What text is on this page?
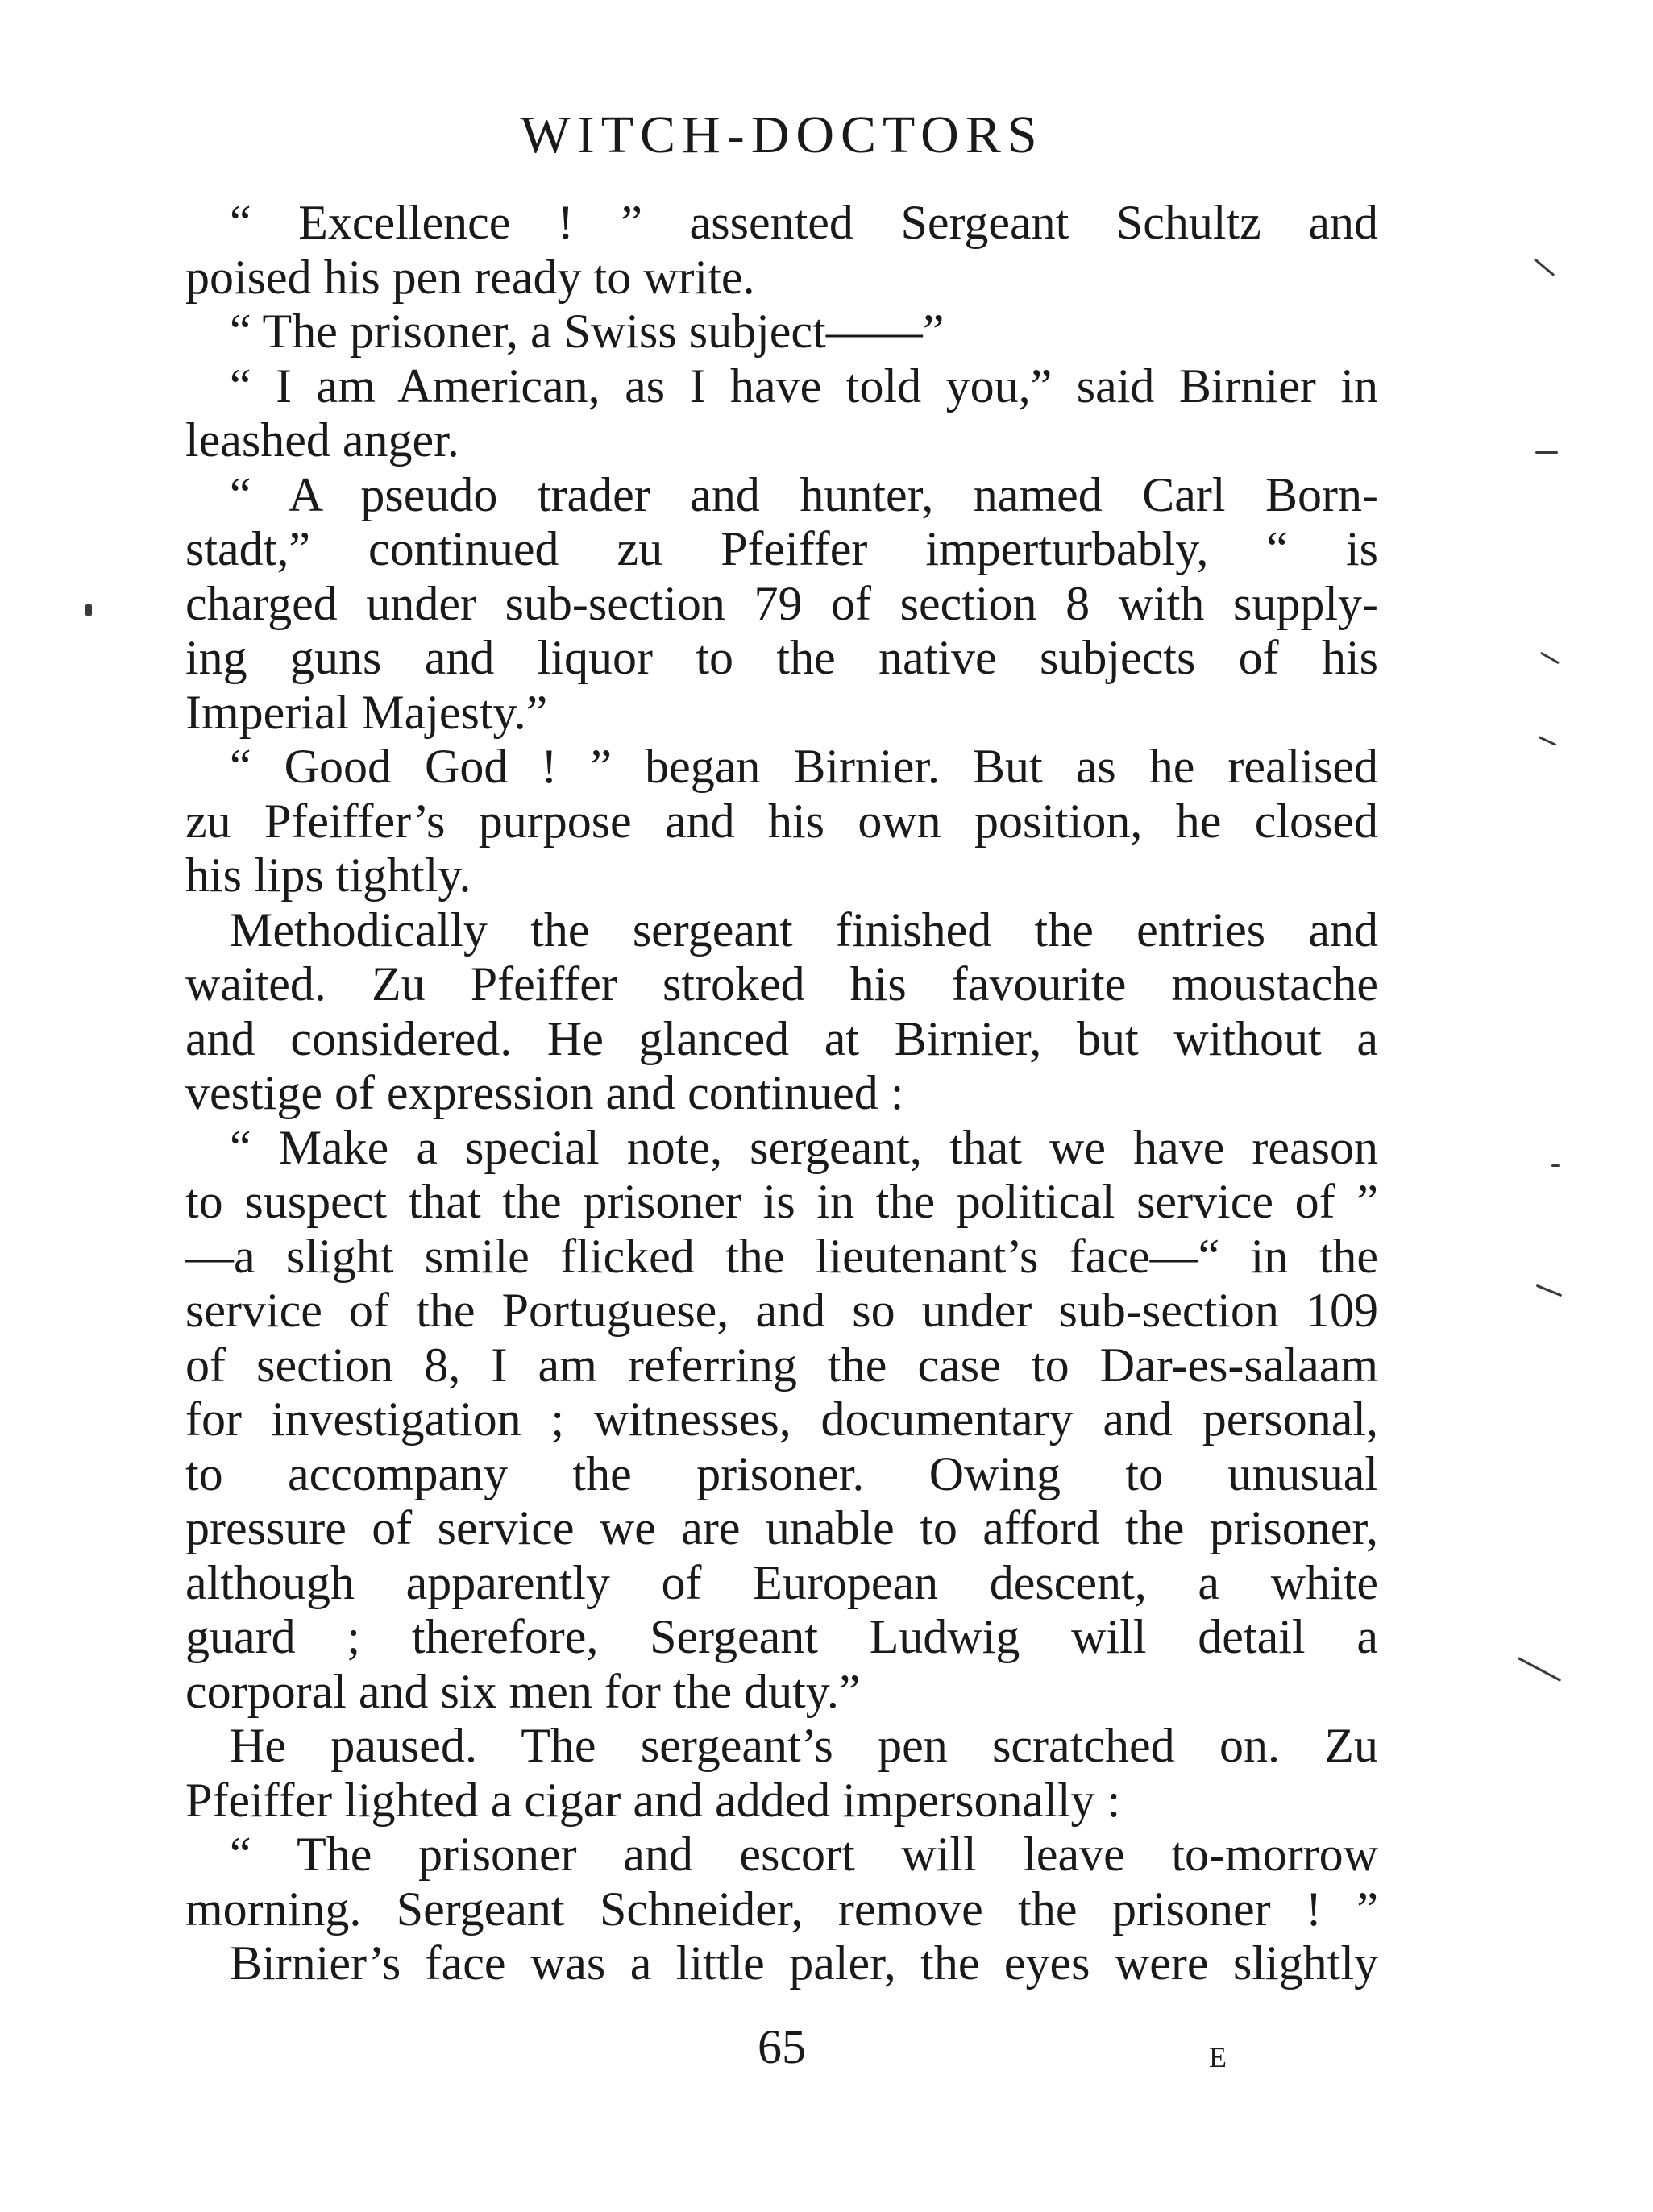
WITCH-DOCTORS
“ Excellence ! ” assented Sergeant Schultz and
poised his pen ready to write.
“ The prisoner, a Swiss subject——”
“ I am American, as I have told you,” said Birnier in
leashed anger.
“ A pseudo trader and hunter, named Carl Born-
stadt,” continued zu Pfeiffer imperturbably, “ is
charged under sub-section 79 of section 8 with supply-
ing guns and liquor to the native subjects of his
Imperial Majesty.”
“ Good God ! ” began Birnier. But as he realised
zu Pfeiffer’s purpose and his own position, he closed
his lips tightly.
Methodically the sergeant finished the entries and
waited. Zu Pfeiffer stroked his favourite moustache
and considered. He glanced at Birnier, but without a
vestige of expression and continued :
“ Make a special note, sergeant, that we have reason
to suspect that the prisoner is in the political service of ”
—a slight smile flicked the lieutenant’s face—“ in the
service of the Portuguese, and so under sub-section 109
of section 8, I am referring the case to Dar-es-salaam
for investigation ; witnesses, documentary and personal,
to accompany the prisoner. Owing to unusual
pressure of service we are unable to afford the prisoner,
although apparently of European descent, a white
guard ; therefore, Sergeant Ludwig will detail a
corporal and six men for the duty.”
He paused. The sergeant’s pen scratched on. Zu
Pfeiffer lighted a cigar and added impersonally :
“ The prisoner and escort will leave to-morrow
morning. Sergeant Schneider, remove the prisoner ! ”
Birnier’s face was a little paler, the eyes were slightly
65	E
